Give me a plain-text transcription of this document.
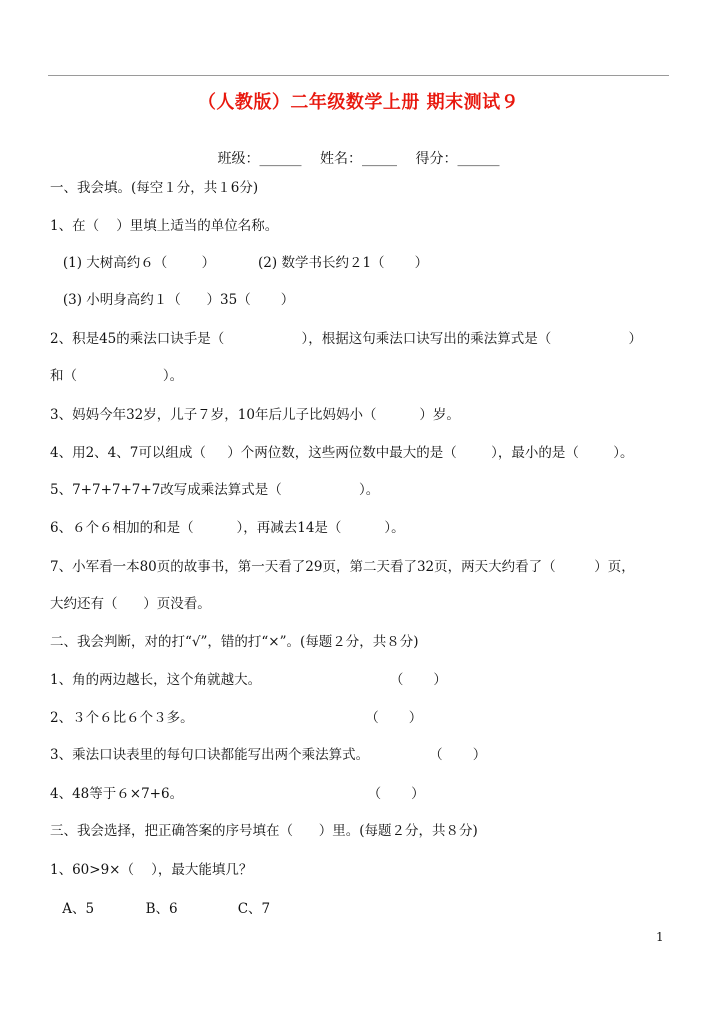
（人教版）二年级数学上册 期末测试９
班级：______ 姓名：_____ 得分：______
一、我会填。(每空１分，共１6分)
1、在（    ）里填上适当的单位名称。
(1) 大树高约６（        ）          (2) 数学书长约２1（       ）
(3) 小明身高约１（      ）35（       ）
2、积是45的乘法口诀手是（                  ），根据这句乘法口诀写出的乘法算式是（                  ）
和（                    ）。
3、妈妈今年32岁，儿子７岁，10年后儿子比妈妈小（          ）岁。
4、用2、4、7可以组成（     ）个两位数，这些两位数中最大的是（        ），最小的是（        ）。
5、7+7+7+7+7改写成乘法算式是（                  ）。
6、６个６相加的和是（          ），再减去14是（          ）。
7、小军看一本80页的故事书，第一天看了29页，第二天看了32页，两天大约看了（         ）页，
大约还有（      ）页没看。
二、我会判断，对的打“√”，错的打“×”。(每题２分，共８分)
1、角的两边越长，这个角就越大。                              （       ）
2、３个６比６个３多。                                        （       ）
3、乘法口诀表里的每句口诀都能写出两个乘法算式。              （       ）
4、48等于６×7+6。                                           （       ）
三、我会选择，把正确答案的序号填在（      ）里。(每题２分，共８分)
1、60>9×（    ），最大能填几？
A、5            B、6              C、7
1
